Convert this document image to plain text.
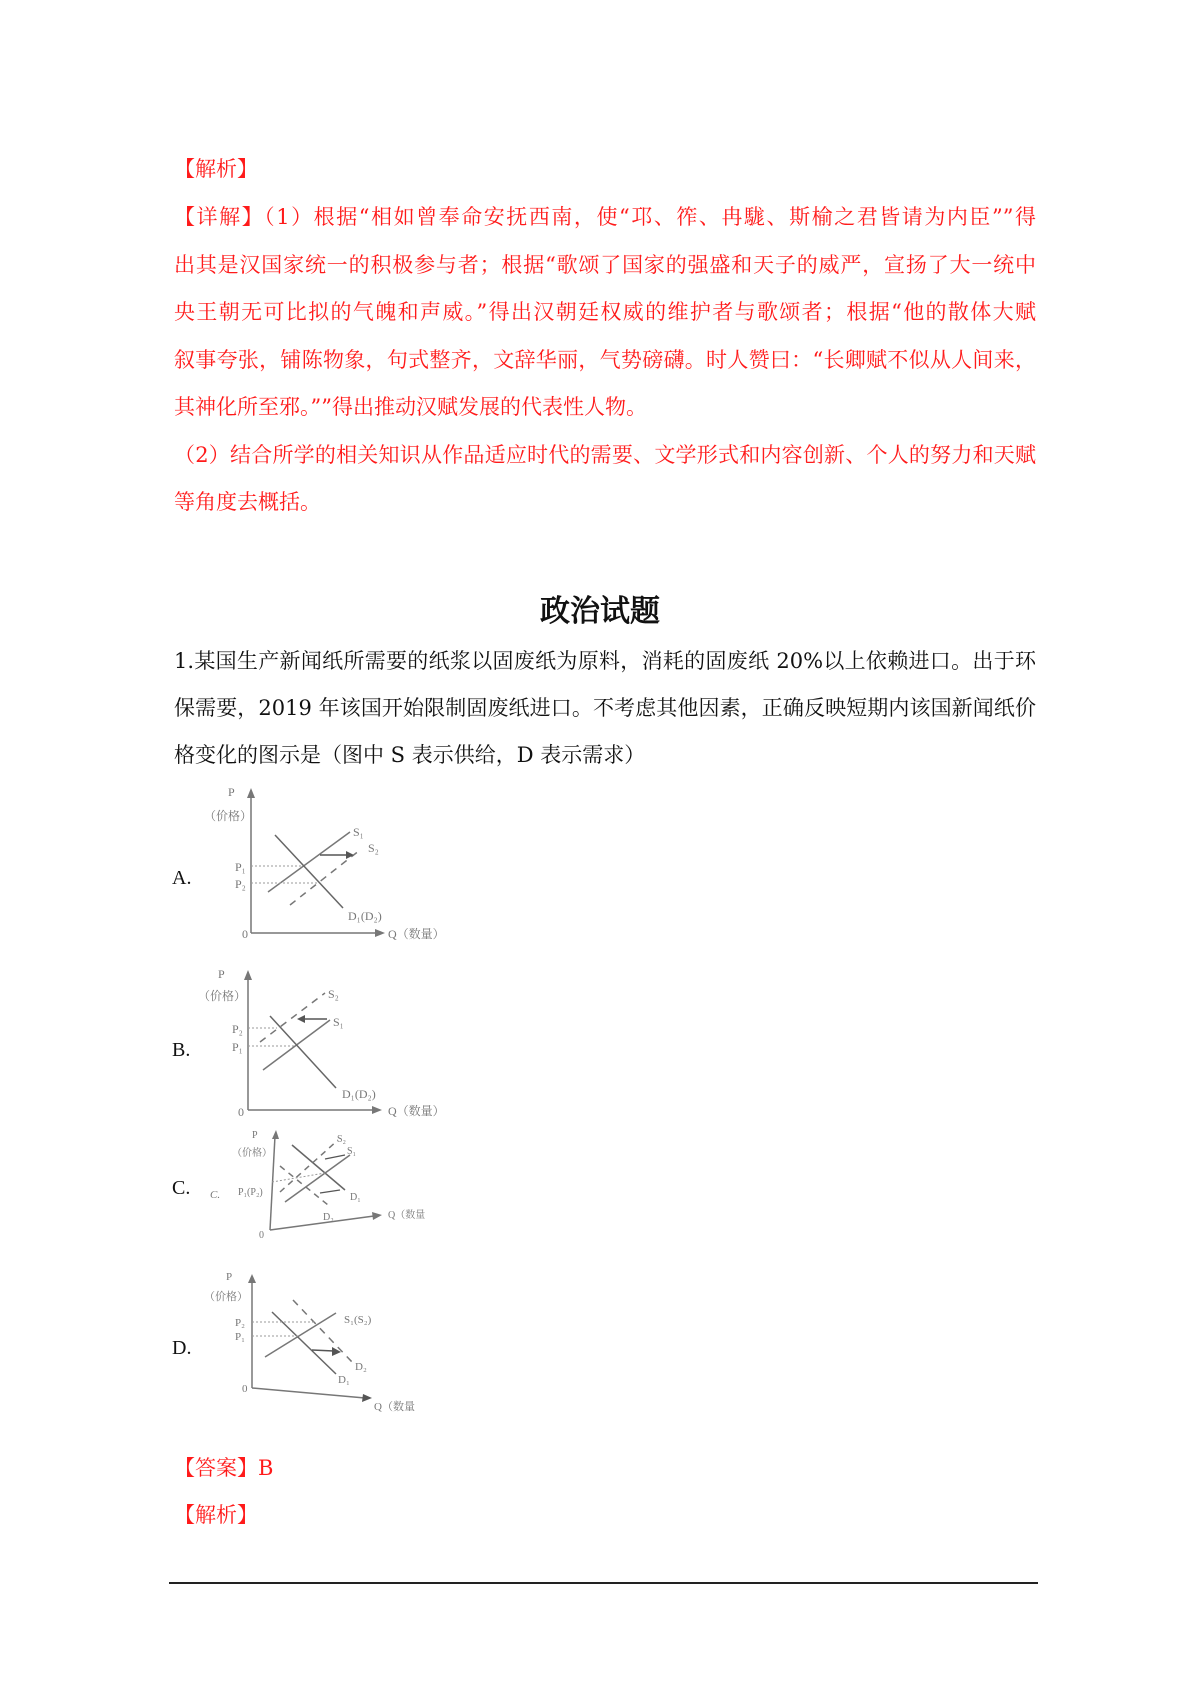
【解析】
【详解】（1）根据“相如曾奉命安抚西南，使“邛、筰、冉駹、斯榆之君皆请为内臣””得
出其是汉国家统一的积极参与者；根据“歌颂了国家的强盛和天子的威严，宣扬了大一统中
央王朝无可比拟的气魄和声威。”得出汉朝廷权威的维护者与歌颂者；根据“他的散体大赋
叙事夸张，铺陈物象，句式整齐，文辞华丽，气势磅礴。时人赞曰：“长卿赋不似从人间来，
其神化所至邪。””得出推动汉赋发展的代表性人物。
（2）结合所学的相关知识从作品适应时代的需要、文学形式和内容创新、个人的努力和天赋
等角度去概括。
政治试题
1.某国生产新闻纸所需要的纸浆以固废纸为原料，消耗的固废纸 20%以上依赖进口。出于环
保需要，2019 年该国开始限制固废纸进口。不考虑其他因素，正确反映短期内该国新闻纸价
格变化的图示是（图中 S 表示供给，D 表示需求）
A.
P
（价格）
P₁
P₂
S₁
S₂
D₁(D₂)
0	Q（数量）
B.
P
（价格）
P₂
P₁
S₂
S₁
D₁(D₂)
0	Q（数量）
C. C.
P
（价格）
P₁(P₂)
S₂
S₁
D₁
D₂
0
Q（数量
D.
P
（价格）
P₂
P₁
S₁(S₂)
D₂
D₁
0
Q（数量
【答案】B
【解析】
